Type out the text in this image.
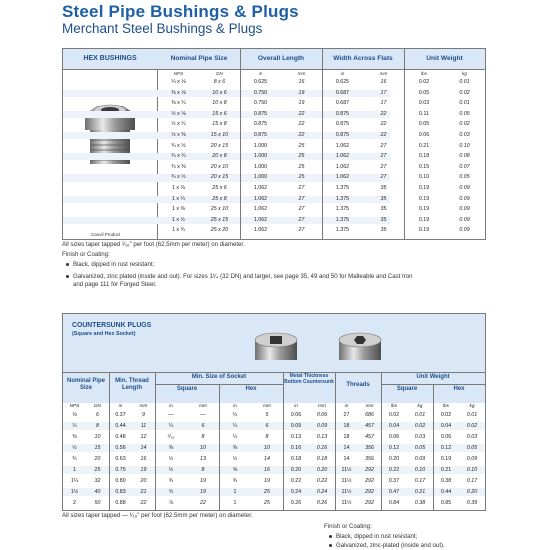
Steel Pipe Bushings & Plugs
Merchant Steel Bushings & Plugs
HEX BUSHINGS	Nominal Pipe Size	Overall Length	Width Across Flats	Unit Weight
Canvil Product
NPS	DN	in	mm	in	mm	lbs	kg
¼ x ⅛	8 x 6	0.625	16	0.625	16	0.02	0.01
⅜ x ⅛	10 x 6	0.750	19	0.687	17	0.05	0.02
⅜ x ¼	10 x 8	0.750	19	0.687	17	0.03	0.01
½ x ⅛	15 x 6	0.875	22	0.875	22	0.11	0.05
½ x ¼	15 x 8	0.875	22	0.875	22	0.05	0.02
½ x ⅜	15 x 10	0.875	22	0.875	22	0.06	0.03
¾ x ½	20 x 15	1.000	25	1.062	27	0.21	0.10
¾ x ¼	20 x 8	1.000	25	1.062	27	0.18	0.08
¾ x ⅜	20 x 10	1.000	25	1.062	27	0.15	0.07
¾ x ½	20 x 15	1.000	25	1.062	27	0.10	0.05
1 x ⅛	25 x 6	1.062	27	1.375	35	0.19	0.09
1 x ¼	25 x 8	1.062	27	1.375	35	0.19	0.09
1 x ⅜	25 x 10	1.062	27	1.375	35	0.19	0.09
1 x ½	25 x 15	1.062	27	1.375	35	0.19	0.09
1 x ¾	25 x 20	1.062	27	1.375	35	0.19	0.09
All sizes taper tapped ¹⁄₁₆" per foot (62.5mm per meter) on diameter.
Finish or Coating:
Black, dipped in rust resistant;
Galvanized, zinc plated (inside and out). For sizes 1¹⁄₄ (32 DN) and larger, see page 35, 49 and 50 for Malleable and Cast Iron
and page 111 for Forged Steel.
COUNTERSUNK PLUGS
(Square and Hex Socket)
Nominal Pipe Size
Min. Thread Length
Min. Size of Socket
Square	Hex
Metal Thickness Bottom Countersunk	Threads
Unit Weight
Square	Hex
NPS	DN	in	mm	in	mm	in	mm	in	mm	in	mm	lbs	kg	lbs	kg
⅛	6	0.37	9	—	—	¼	5	0.06	0.06	27	686	0.02	0.01	0.02	0.01
¼	8	0.44	11	¼	6	¼	6	0.09	0.09	18	457	0.04	0.02	0.04	0.02
⅜	10	0.48	12	⁵⁄₁₆	8	¼	8	0.13	0.13	18	457	0.06	0.03	0.06	0.03
½	15	0.56	14	⅜	10	⅜	10	0.16	0.16	14	356	0.12	0.05	0.12	0.05
¾	20	0.63	16	½	13	½	14	0.18	0.18	14	356	0.20	0.09	0.19	0.09
1	25	0.75	19	½	8	⅝	16	0.20	0.20	11½	292	0.22	0.10	0.21	0.10
1¼	32	0.80	20	¾	19	¾	19	0.22	0.22	11½	292	0.37	0.17	0.38	0.17
1½	40	0.83	21	¾	19	1	25	0.24	0.24	11½	292	0.47	0.21	0.44	0.20
2	50	0.88	22	⅞	22	1	25	0.26	0.26	11½	292	0.84	0.38	0.85	0.39
All sizes taper tapped — ¹⁄₁₆" per foot (62.5mm per meter) on diameter.
Finish or Coating:
Black, dipped in rust resistant;
Galvanized, zinc-plated (inside and out).
